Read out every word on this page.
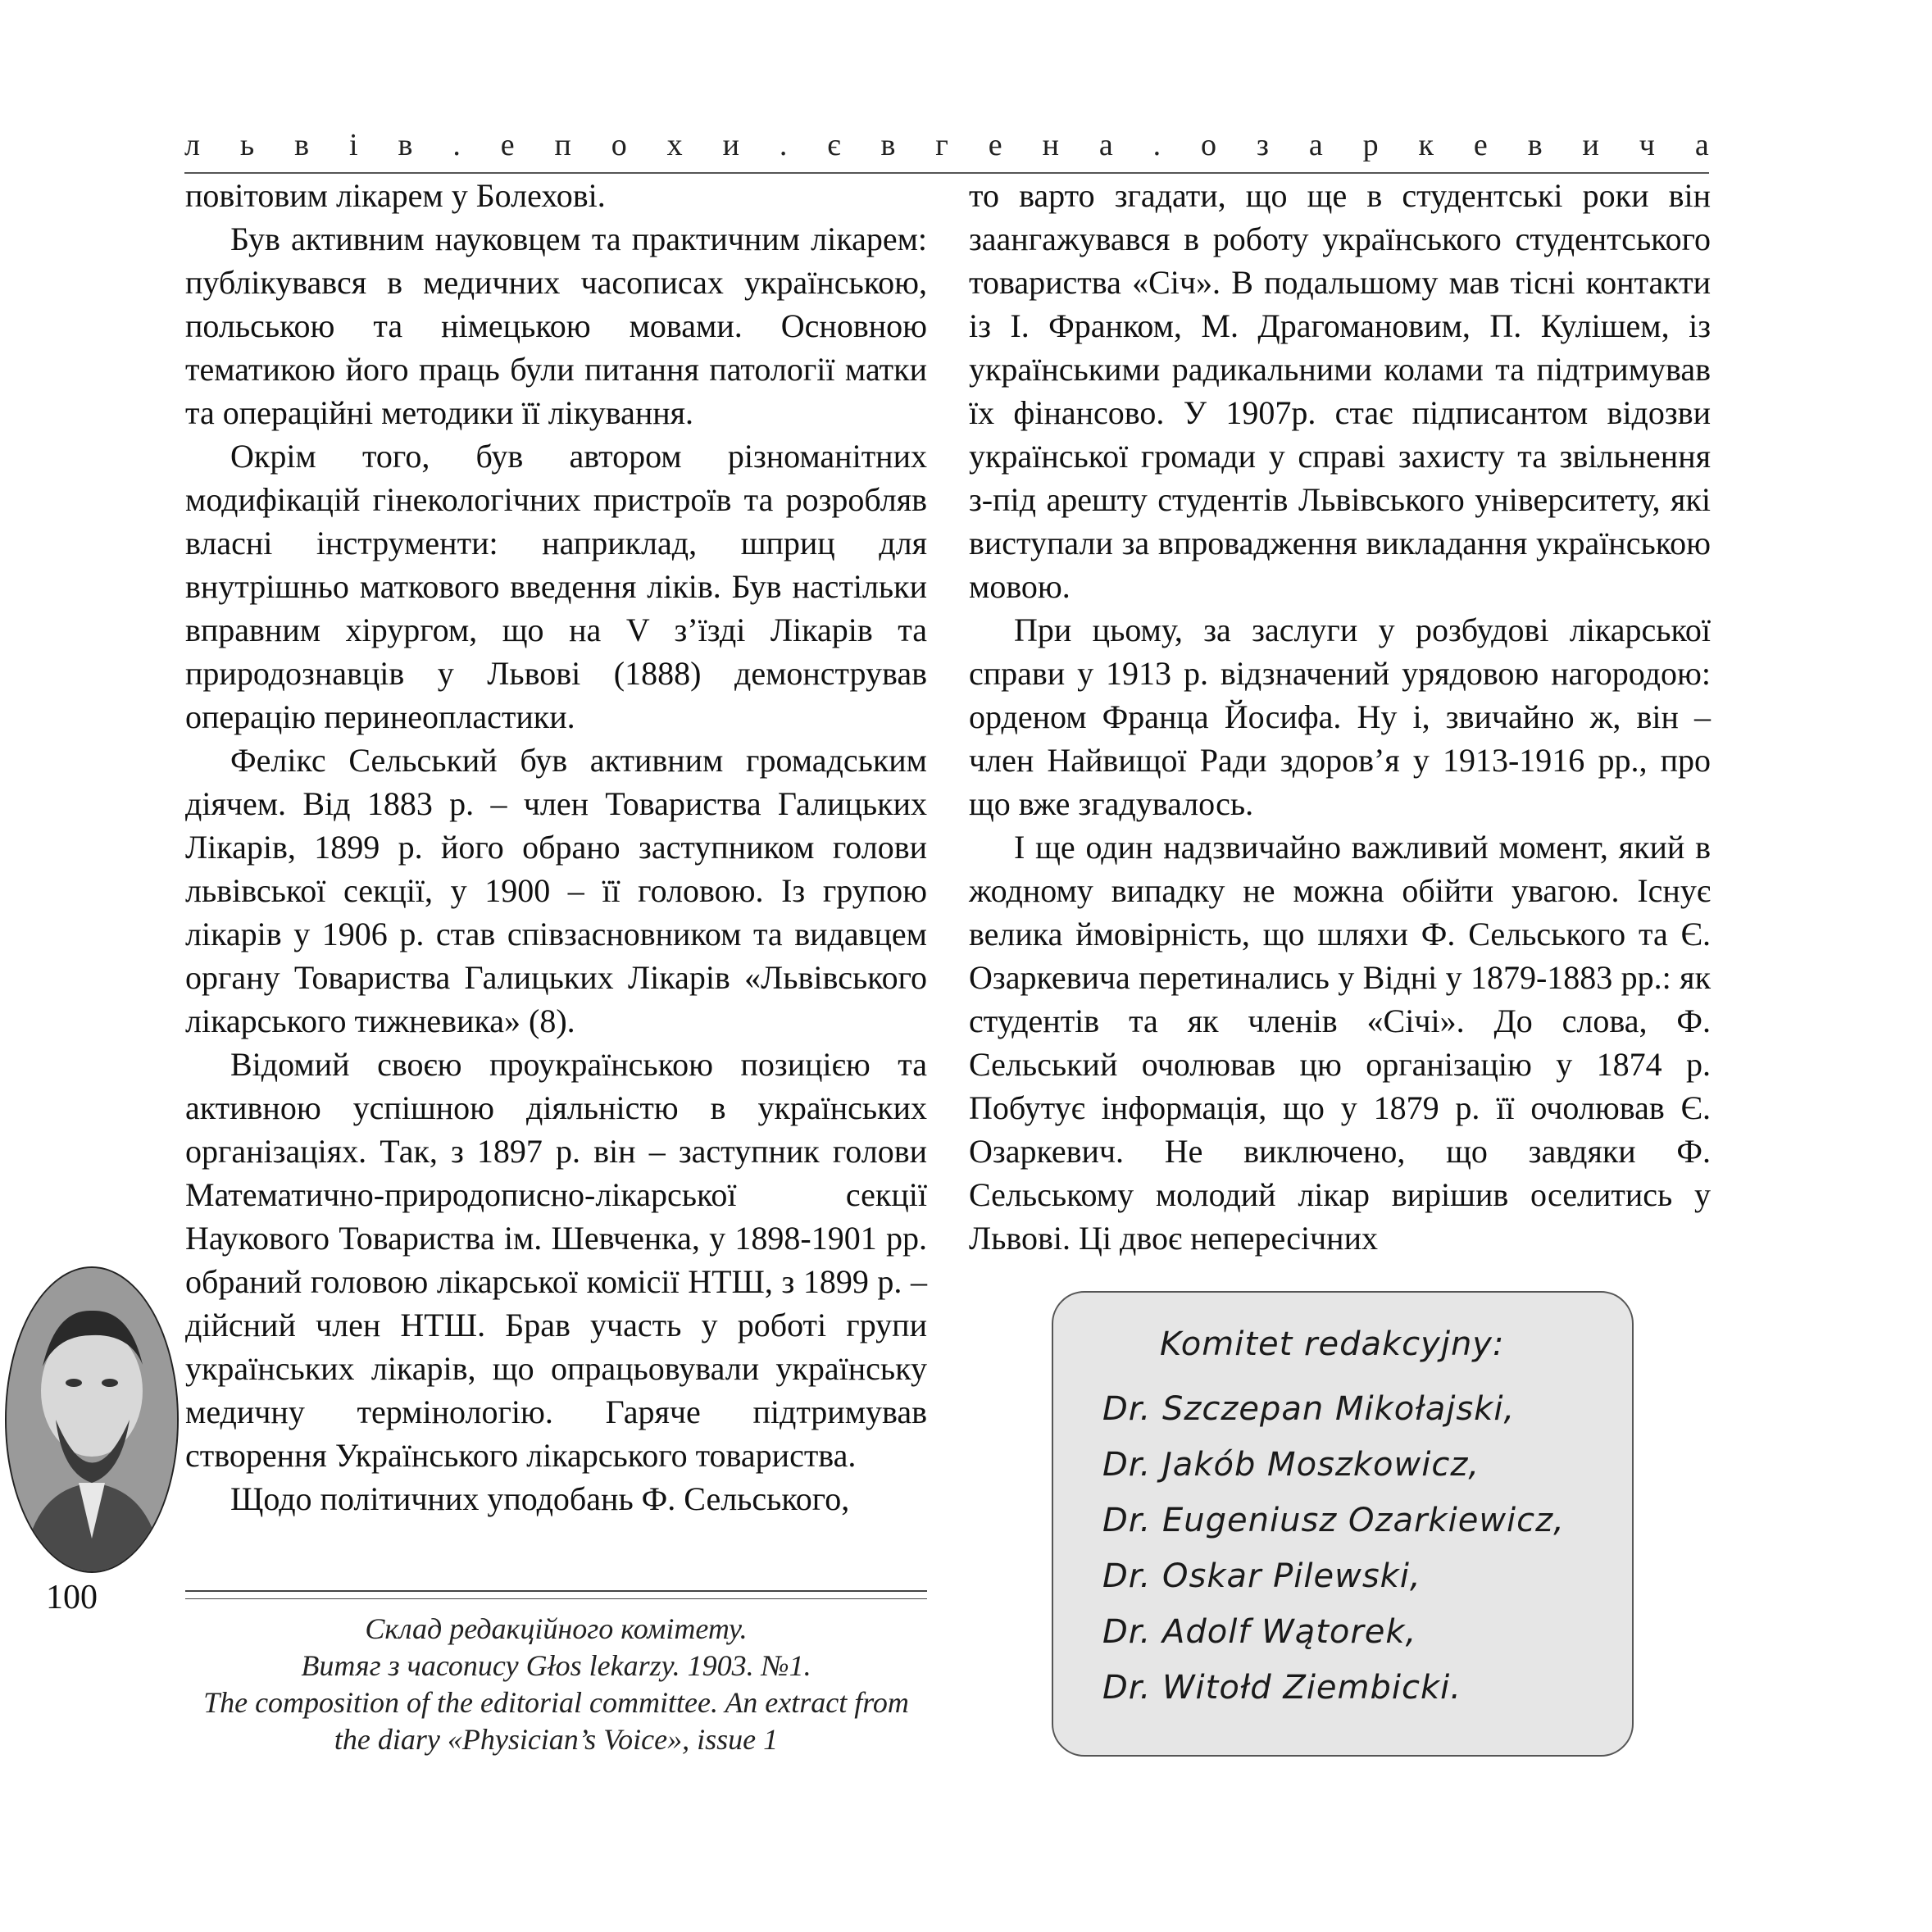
л ь в і в . е п о х и . є в г е н а . о з а р к е в и ч а

повітовим лікарем у Болехові.

Був активним науковцем та практичним лікарем: публікувався в медичних часописах українською, польською та німецькою мовами. Основною тематикою його праць були питання патології матки та операційні методики її лікування.

Окрім того, був автором різноманітних модифікацій гінекологічних пристроїв та розробляв власні інструменти: наприклад, шприц для внутрішньо маткового введення ліків. Був настільки вправним хірургом, що на V з’їзді Лікарів та природознавців у Львові (1888) демонстрував операцію перинеопластики.

Фелікс Сельський був активним громадським діячем. Від 1883 р. – член Товариства Галицьких Лікарів, 1899 р. його обрано заступником голови львівської секції, у 1900 – її головою. Із групою лікарів у 1906 р. став співзасновником та видавцем органу Товариства Галицьких Лікарів «Львівського лікарського тижневика» (8).

Відомий своєю проукраїнською позицією та активною успішною діяльністю в українських організаціях. Так, з 1897 р. він – заступник голови Математично-природописно-лікарської секції Наукового Товариства ім. Шевченка, у 1898-1901 рр. обраний головою лікарської комісії НТШ, з 1899 р. – дійсний член НТШ. Брав участь у роботі групи українських лікарів, що опрацьовували українську медичну термінологію. Гаряче підтримував створення Українського лікарського товариства.

Щодо політичних уподобань Ф. Сельського,

то варто згадати, що ще в студентські роки він заангажувався в роботу українського студентського товариства «Січ». В подальшому мав тісні контакти із І. Франком, М. Драгомановим, П. Кулішем, із українськими радикальними колами та підтримував їх фінансово. У 1907р. стає підписантом відозви української громади у справі захисту та звільнення з-під арешту студентів Львівського університету, які виступали за впровадження викладання українською мовою.

При цьому, за заслуги у розбудові лікарської справи у 1913 р. відзначений урядовою нагородою: орденом Франца Йосифа. Ну і, звичайно ж, він – член Найвищої Ради здоров’я у 1913-1916 рр., про що вже згадувалось.

І ще один надзвичайно важливий момент, який в жодному випадку не можна обійти увагою. Існує велика ймовірність, що шляхи Ф. Сельського та Є. Озаркевича перетинались у Відні у 1879-1883 рр.: як студентів та як членів «Січі». До слова, Ф. Сельський очолював цю організацію у 1874 р. Побутує інформація, що у 1879 р. її очолював Є. Озаркевич. Не виключено, що завдяки Ф. Сельському молодий лікар вирішив оселитись у Львові. Ці двоє непересічних

100
Склад редакційного комітету.
Витяг з часопису Głos lekarzy. 1903. №1.
The composition of the editorial committee. An extract from
the diary «Physician’s Voice», issue 1
Komitet redakcyjny:
Dr. Szczepan Mikołajski,
Dr. Jakób Moszkowicz,
Dr. Eugeniusz Ozarkiewicz,
Dr. Oskar Pilewski,
Dr. Adolf Wątorek,
Dr. Witołd Ziembicki.
